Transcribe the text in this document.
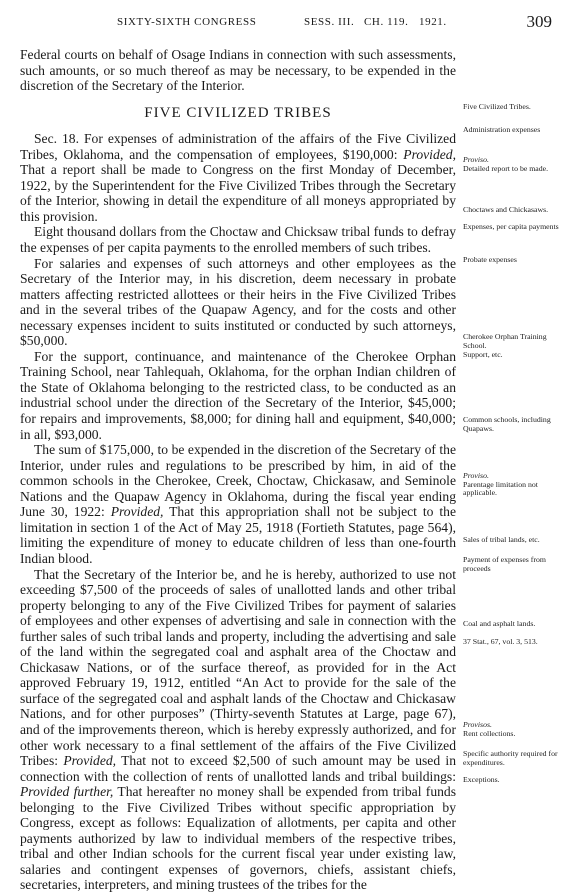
SIXTY-SIXTH CONGRESS	SESS. III. CH. 119. 1921.	309

Federal courts on behalf of Osage Indians in connection with such assessments, such amounts, or so much thereof as may be necessary, to be expended in the discretion of the Secretary of the Interior.

FIVE CIVILIZED TRIBES

Sec. 18. For expenses of administration of the affairs of the Five Civilized Tribes, Oklahoma, and the compensation of employees, $190,000: Provided, That a report shall be made to Congress on the first Monday of December, 1922, by the Superintendent for the Five Civilized Tribes through the Secretary of the Interior, showing in detail the expenditure of all moneys appropriated by this provision.

Eight thousand dollars from the Choctaw and Chicksaw tribal funds to defray the expenses of per capita payments to the enrolled members of such tribes.

For salaries and expenses of such attorneys and other employees as the Secretary of the Interior may, in his discretion, deem necessary in probate matters affecting restricted allottees or their heirs in the Five Civilized Tribes and in the several tribes of the Quapaw Agency, and for the costs and other necessary expenses incident to suits instituted or conducted by such attorneys, $50,000.

For the support, continuance, and maintenance of the Cherokee Orphan Training School, near Tahlequah, Oklahoma, for the orphan Indian children of the State of Oklahoma belonging to the restricted class, to be conducted as an industrial school under the direction of the Secretary of the Interior, $45,000; for repairs and improvements, $8,000; for dining hall and equipment, $40,000; in all, $93,000.

The sum of $175,000, to be expended in the discretion of the Secretary of the Interior, under rules and regulations to be prescribed by him, in aid of the common schools in the Cherokee, Creek, Choctaw, Chickasaw, and Seminole Nations and the Quapaw Agency in Oklahoma, during the fiscal year ending June 30, 1922: Provided, That this appropriation shall not be subject to the limitation in section 1 of the Act of May 25, 1918 (Fortieth Statutes, page 564), limiting the expenditure of money to educate children of less than one-fourth Indian blood.

That the Secretary of the Interior be, and he is hereby, authorized to use not exceeding $7,500 of the proceeds of sales of unallotted lands and other tribal property belonging to any of the Five Civilized Tribes for payment of salaries of employees and other expenses of advertising and sale in connection with the further sales of such tribal lands and property, including the advertising and sale of the land within the segregated coal and asphalt area of the Choctaw and Chickasaw Nations, or of the surface thereof, as provided for in the Act approved February 19, 1912, entitled “An Act to provide for the sale of the surface of the segregated coal and asphalt lands of the Choctaw and Chickasaw Nations, and for other purposes” (Thirty-seventh Statutes at Large, page 67), and of the improvements thereon, which is hereby expressly authorized, and for other work necessary to a final settlement of the affairs of the Five Civilized Tribes: Provided, That not to exceed $2,500 of such amount may be used in connection with the collection of rents of unallotted lands and tribal buildings: Provided further, That hereafter no money shall be expended from tribal funds belonging to the Five Civilized Tribes without specific appropriation by Congress, except as follows: Equalization of allotments, per capita and other payments authorized by law to individual members of the respective tribes, tribal and other Indian schools for the current fiscal year under existing law, salaries and contingent expenses of governors, chiefs, assistant chiefs, secretaries, interpreters, and mining trustees of the tribes for the

Five Civilized Tribes.
Administration expenses
Proviso.
Detailed report to be made.
Choctaws and Chickasaws.
Expenses, per capita payments
Probate expenses
Cherokee Orphan Training School.
Support, etc.
Common schools, including Quapaws.
Proviso.
Parentage limitation not applicable.
Sales of tribal lands, etc.
Payment of expenses from proceeds
Coal and asphalt lands.
37 Stat., 67, vol. 3, 513.
Provisos.
Rent collections.
Specific authority required for expenditures.
Exceptions.
